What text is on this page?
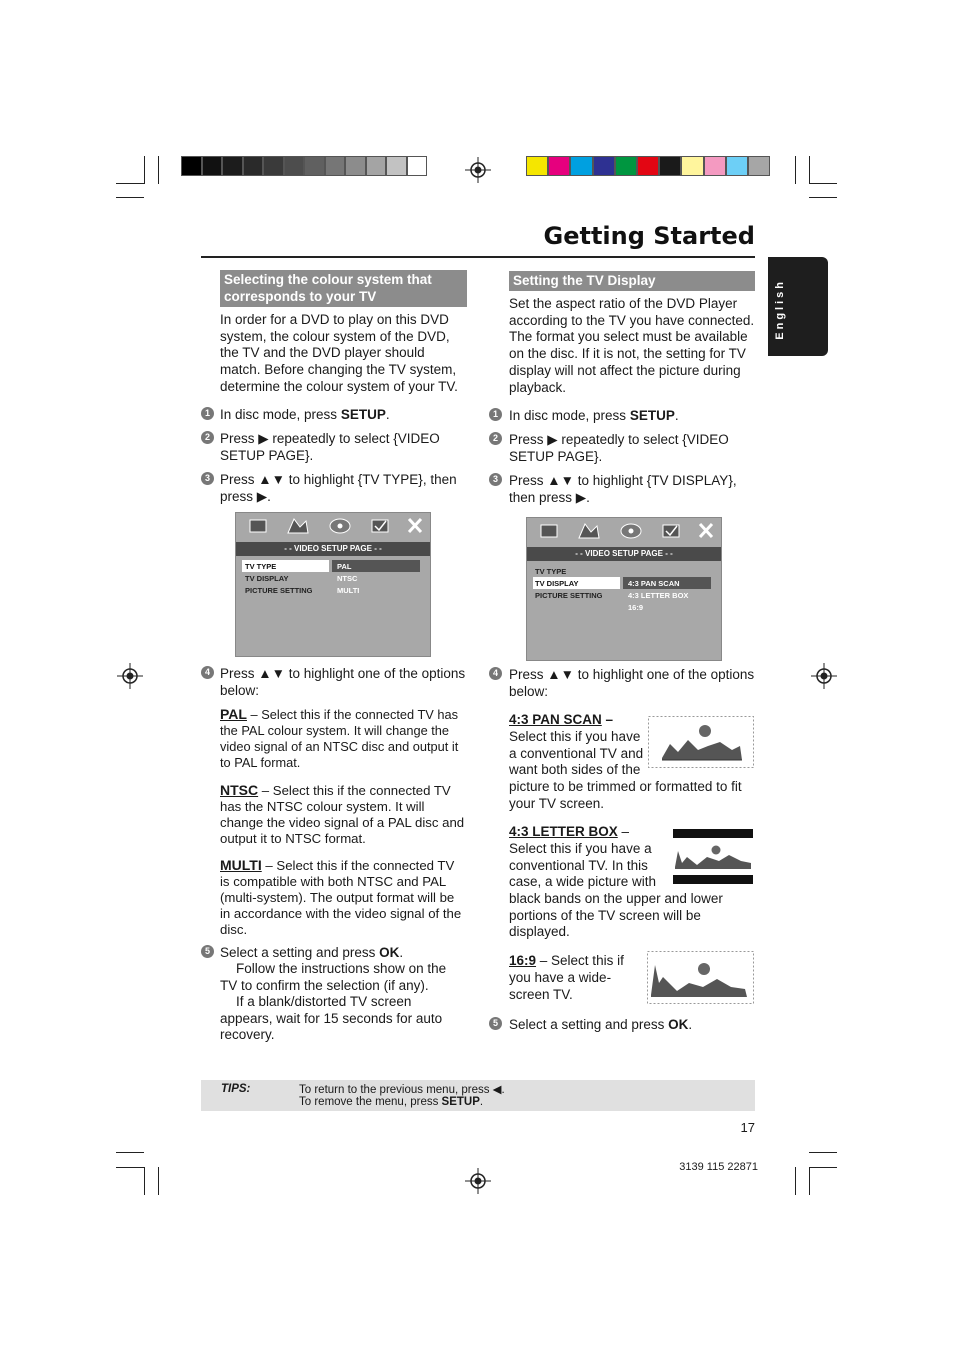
Getting Started
English
Selecting the colour system that corresponds to your TV
In order for a DVD to play on this DVD system, the colour system of the DVD, the TV and the DVD player should match. Before changing the TV system, determine the colour system of your TV.
1 In disc mode, press SETUP.
2 Press ▶ repeatedly to select {VIDEO SETUP PAGE}.
3 Press ▲▼ to highlight {TV TYPE}, then press ▶.
- - VIDEO SETUP PAGE - -
TV TYPE
TV DISPLAY
PICTURE SETTING
PAL
NTSC
MULTI
4 Press ▲▼ to highlight one of the options below:
PAL – Select this if the connected TV has the PAL colour system. It will change the video signal of an NTSC disc and output it to PAL format.
NTSC – Select this if the connected TV has the NTSC colour system. It will change the video signal of a PAL disc and output it to NTSC format.
MULTI – Select this if the connected TV is compatible with both NTSC and PAL (multi-system). The output format will be in accordance with the video signal of the disc.
5 Select a setting and press OK.
Follow the instructions show on the TV to confirm the selection (if any).
If a blank/distorted TV screen appears, wait for 15 seconds for auto recovery.
Setting the TV Display
Set the aspect ratio of the DVD Player according to the TV you have connected. The format you select must be available on the disc. If it is not, the setting for TV display will not affect the picture during playback.
1 In disc mode, press SETUP.
2 Press ▶ repeatedly to select {VIDEO SETUP PAGE}.
3 Press ▲▼ to highlight {TV DISPLAY}, then press ▶.
- - VIDEO SETUP PAGE - -
TV TYPE
TV DISPLAY
PICTURE SETTING
4:3 PAN SCAN
4:3 LETTER BOX
16:9
4 Press ▲▼ to highlight one of the options below:
4:3 PAN SCAN –
Select this if you have a conventional TV and want both sides of the
picture to be trimmed or formatted to fit your TV screen.
4:3 LETTER BOX –
Select this if you have a conventional TV. In this case, a wide picture with
black bands on the upper and lower portions of the TV screen will be displayed.
16:9 – Select this if you have a wide-screen TV.
5 Select a setting and press OK.
TIPS:	To return to the previous menu, press ◀.
To remove the menu, press SETUP.
17
3139 115 22871
